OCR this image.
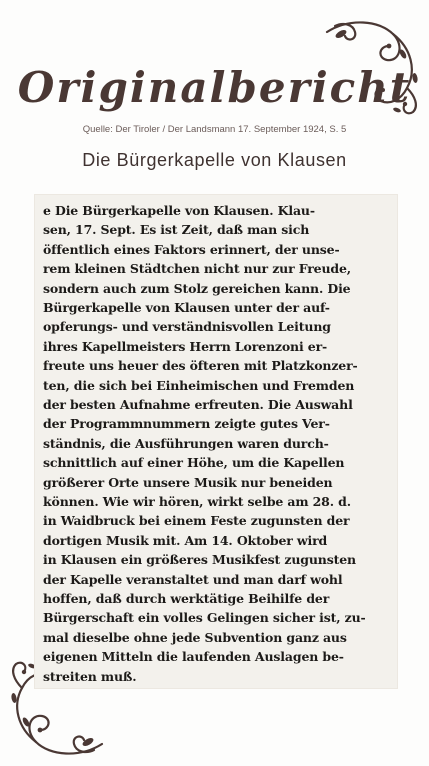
Originalbericht
Quelle: Der Tiroler / Der Landsmann 17. September 1924, S. 5
Die Bürgerkapelle von Klausen
e Die Bürgerkapelle von Klausen. Klau-
sen, 17. Sept. Es ist Zeit, daß man sich
öffentlich eines Faktors erinnert, der unse-
rem kleinen Städtchen nicht nur zur Freude,
sondern auch zum Stolz gereichen kann. Die
Bürgerkapelle von Klausen unter der auf-
opferungs- und verständnisvollen Leitung
ihres Kapellmeisters Herrn Lorenzoni er-
freute uns heuer des öfteren mit Platzkonzer-
ten, die sich bei Einheimischen und Fremden
der besten Aufnahme erfreuten. Die Auswahl
der Programmnummern zeigte gutes Ver-
ständnis, die Ausführungen waren durch-
schnittlich auf einer Höhe, um die Kapellen
größerer Orte unsere Musik nur beneiden
können. Wie wir hören, wirkt selbe am 28. d.
in Waidbruck bei einem Feste zugunsten der
dortigen Musik mit. Am 14. Oktober wird
in Klausen ein größeres Musikfest zugunsten
der Kapelle veranstaltet und man darf wohl
hoffen, daß durch werktätige Beihilfe der
Bürgerschaft ein volles Gelingen sicher ist, zu-
mal dieselbe ohne jede Subvention ganz aus
eigenen Mitteln die laufenden Auslagen be-
streiten muß.
